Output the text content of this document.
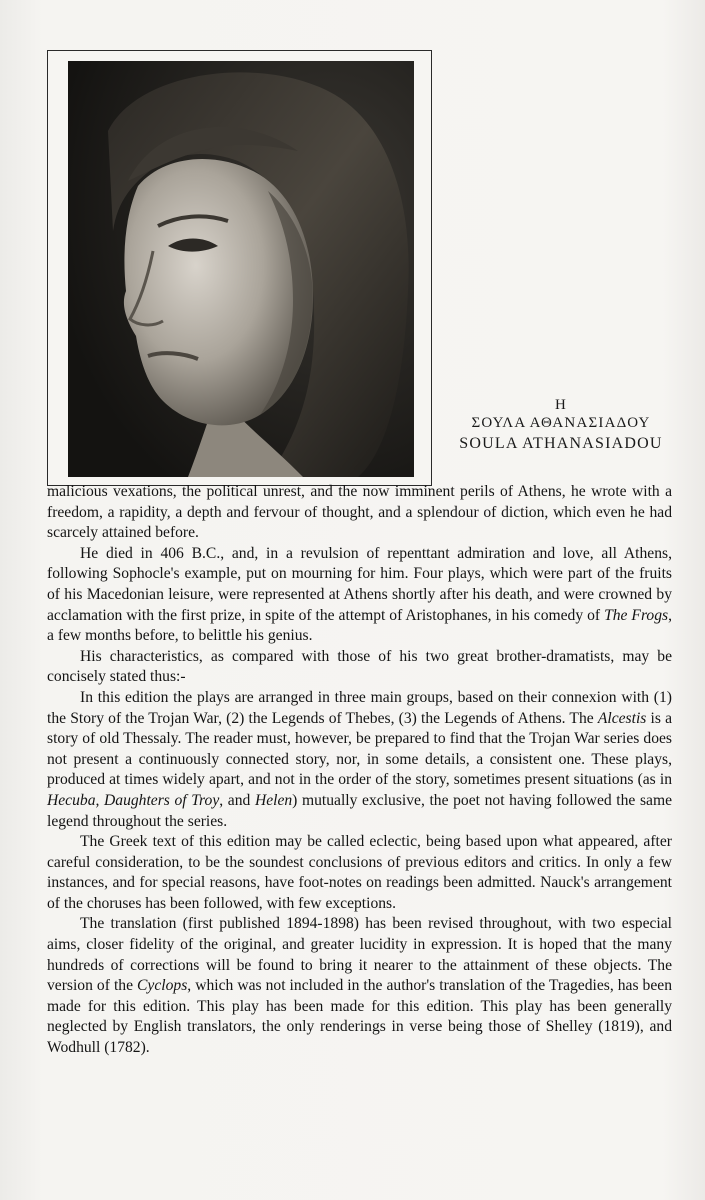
Η
ΣΟΥΛΑ ΑΘΑΝΑΣΙΑΔΟΥ
SOULA ATHANASIADOU

malicious vexations, the political unrest, and the now imminent perils of Athens, he wrote with a freedom, a rapidity, a depth and fervour of thought, and a splendour of diction, which even he had scarcely attained before.

He died in 406 B.C., and, in a revulsion of repenttant admiration and love, all Athens, following Sophocle's example, put on mourning for him. Four plays, which were part of the fruits of his Macedonian leisure, were represented at Athens shortly after his death, and were crowned by acclamation with the first prize, in spite of the attempt of Aristophanes, in his comedy of The Frogs, a few months before, to belittle his genius.

His characteristics, as compared with those of his two great brother-dramatists, may be concisely stated thus:-

In this edition the plays are arranged in three main groups, based on their connexion with (1) the Story of the Trojan War, (2) the Legends of Thebes, (3) the Legends of Athens. The Alcestis is a story of old Thessaly. The reader must, however, be prepared to find that the Trojan War series does not present a continuously connected story, nor, in some details, a consistent one. These plays, produced at times widely apart, and not in the order of the story, sometimes present situations (as in Hecuba, Daughters of Troy, and Helen) mutually exclusive, the poet not having followed the same legend throughout the series.

The Greek text of this edition may be called eclectic, being based upon what appeared, after careful consideration, to be the soundest conclusions of previous editors and critics. In only a few instances, and for special reasons, have foot-notes on readings been admitted. Nauck's arrangement of the choruses has been followed, with few exceptions.

The translation (first published 1894-1898) has been revised throughout, with two especial aims, closer fidelity of the original, and greater lucidity in expression. It is hoped that the many hundreds of corrections will be found to bring it nearer to the attainment of these objects. The version of the Cyclops, which was not included in the author's translation of the Tragedies, has been made for this edition. This play has been made for this edition. This play has been generally neglected by English translators, the only renderings in verse being those of Shelley (1819), and Wodhull (1782).
